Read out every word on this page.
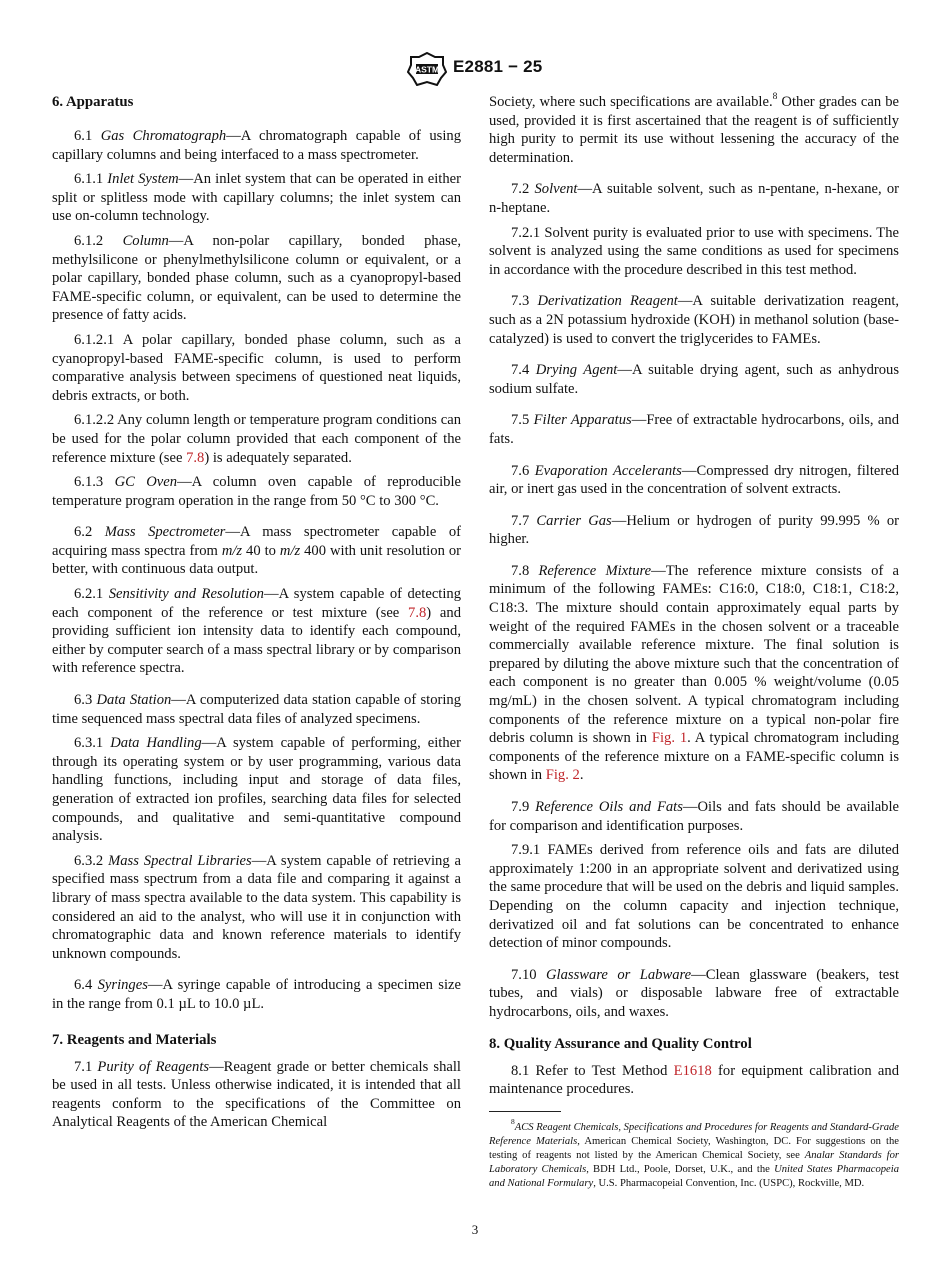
ASTM E2881 − 25
6. Apparatus

6.1 Gas Chromatograph—A chromatograph capable of using capillary columns and being interfaced to a mass spectrometer.

6.1.1 Inlet System—An inlet system that can be operated in either split or splitless mode with capillary columns; the inlet system can use on-column technology.

6.1.2 Column—A non-polar capillary, bonded phase, methylsilicone or phenylmethylsilicone column or equivalent, or a polar capillary, bonded phase column, such as a cyanopropyl-based FAME-specific column, or equivalent, can be used to determine the presence of fatty acids.

6.1.2.1 A polar capillary, bonded phase column, such as a cyanopropyl-based FAME-specific column, is used to perform comparative analysis between specimens of questioned neat liquids, debris extracts, or both.

6.1.2.2 Any column length or temperature program conditions can be used for the polar column provided that each component of the reference mixture (see 7.8) is adequately separated.

6.1.3 GC Oven—A column oven capable of reproducible temperature program operation in the range from 50 °C to 300 °C.

6.2 Mass Spectrometer—A mass spectrometer capable of acquiring mass spectra from m/z 40 to m/z 400 with unit resolution or better, with continuous data output.

6.2.1 Sensitivity and Resolution—A system capable of detecting each component of the reference or test mixture (see 7.8) and providing sufficient ion intensity data to identify each compound, either by computer search of a mass spectral library or by comparison with reference spectra.

6.3 Data Station—A computerized data station capable of storing time sequenced mass spectral data files of analyzed specimens.

6.3.1 Data Handling—A system capable of performing, either through its operating system or by user programming, various data handling functions, including input and storage of data files, generation of extracted ion profiles, searching data files for selected compounds, and qualitative and semi-quantitative compound analysis.

6.3.2 Mass Spectral Libraries—A system capable of retrieving a specified mass spectrum from a data file and comparing it against a library of mass spectra available to the data system. This capability is considered an aid to the analyst, who will use it in conjunction with chromatographic data and known reference materials to identify unknown compounds.

6.4 Syringes—A syringe capable of introducing a specimen size in the range from 0.1 µL to 10.0 µL.

7. Reagents and Materials

7.1 Purity of Reagents—Reagent grade or better chemicals shall be used in all tests. Unless otherwise indicated, it is intended that all reagents conform to the specifications of the Committee on Analytical Reagents of the American Chemical

Society, where such specifications are available.$^8$ Other grades can be used, provided it is first ascertained that the reagent is of sufficiently high purity to permit its use without lessening the accuracy of the determination.

7.2 Solvent—A suitable solvent, such as n-pentane, n-hexane, or n-heptane.

7.2.1 Solvent purity is evaluated prior to use with specimens. The solvent is analyzed using the same conditions as used for specimens in accordance with the procedure described in this test method.

7.3 Derivatization Reagent—A suitable derivatization reagent, such as a 2N potassium hydroxide (KOH) in methanol solution (base-catalyzed) is used to convert the triglycerides to FAMEs.

7.4 Drying Agent—A suitable drying agent, such as anhydrous sodium sulfate.

7.5 Filter Apparatus—Free of extractable hydrocarbons, oils, and fats.

7.6 Evaporation Accelerants—Compressed dry nitrogen, filtered air, or inert gas used in the concentration of solvent extracts.

7.7 Carrier Gas—Helium or hydrogen of purity 99.995 % or higher.

7.8 Reference Mixture—The reference mixture consists of a minimum of the following FAMEs: C16:0, C18:0, C18:1, C18:2, C18:3. The mixture should contain approximately equal parts by weight of the required FAMEs in the chosen solvent or a traceable commercially available reference mixture. The final solution is prepared by diluting the above mixture such that the concentration of each component is no greater than 0.005 % weight/volume (0.05 mg/mL) in the chosen solvent. A typical chromatogram including components of the reference mixture on a typical non-polar fire debris column is shown in Fig. 1. A typical chromatogram including components of the reference mixture on a FAME-specific column is shown in Fig. 2.

7.9 Reference Oils and Fats—Oils and fats should be available for comparison and identification purposes.

7.9.1 FAMEs derived from reference oils and fats are diluted approximately 1:200 in an appropriate solvent and derivatized using the same procedure that will be used on the debris and liquid samples. Depending on the column capacity and injection technique, derivatized oil and fat solutions can be concentrated to enhance detection of minor compounds.

7.10 Glassware or Labware—Clean glassware (beakers, test tubes, and vials) or disposable labware free of extractable hydrocarbons, oils, and waxes.

8. Quality Assurance and Quality Control

8.1 Refer to Test Method E1618 for equipment calibration and maintenance procedures.

$^8$ACS Reagent Chemicals, Specifications and Procedures for Reagents and Standard-Grade Reference Materials, American Chemical Society, Washington, DC. For suggestions on the testing of reagents not listed by the American Chemical Society, see Analar Standards for Laboratory Chemicals, BDH Ltd., Poole, Dorset, U.K., and the United States Pharmacopeia and National Formulary, U.S. Pharmacopeial Convention, Inc. (USPC), Rockville, MD.

3
